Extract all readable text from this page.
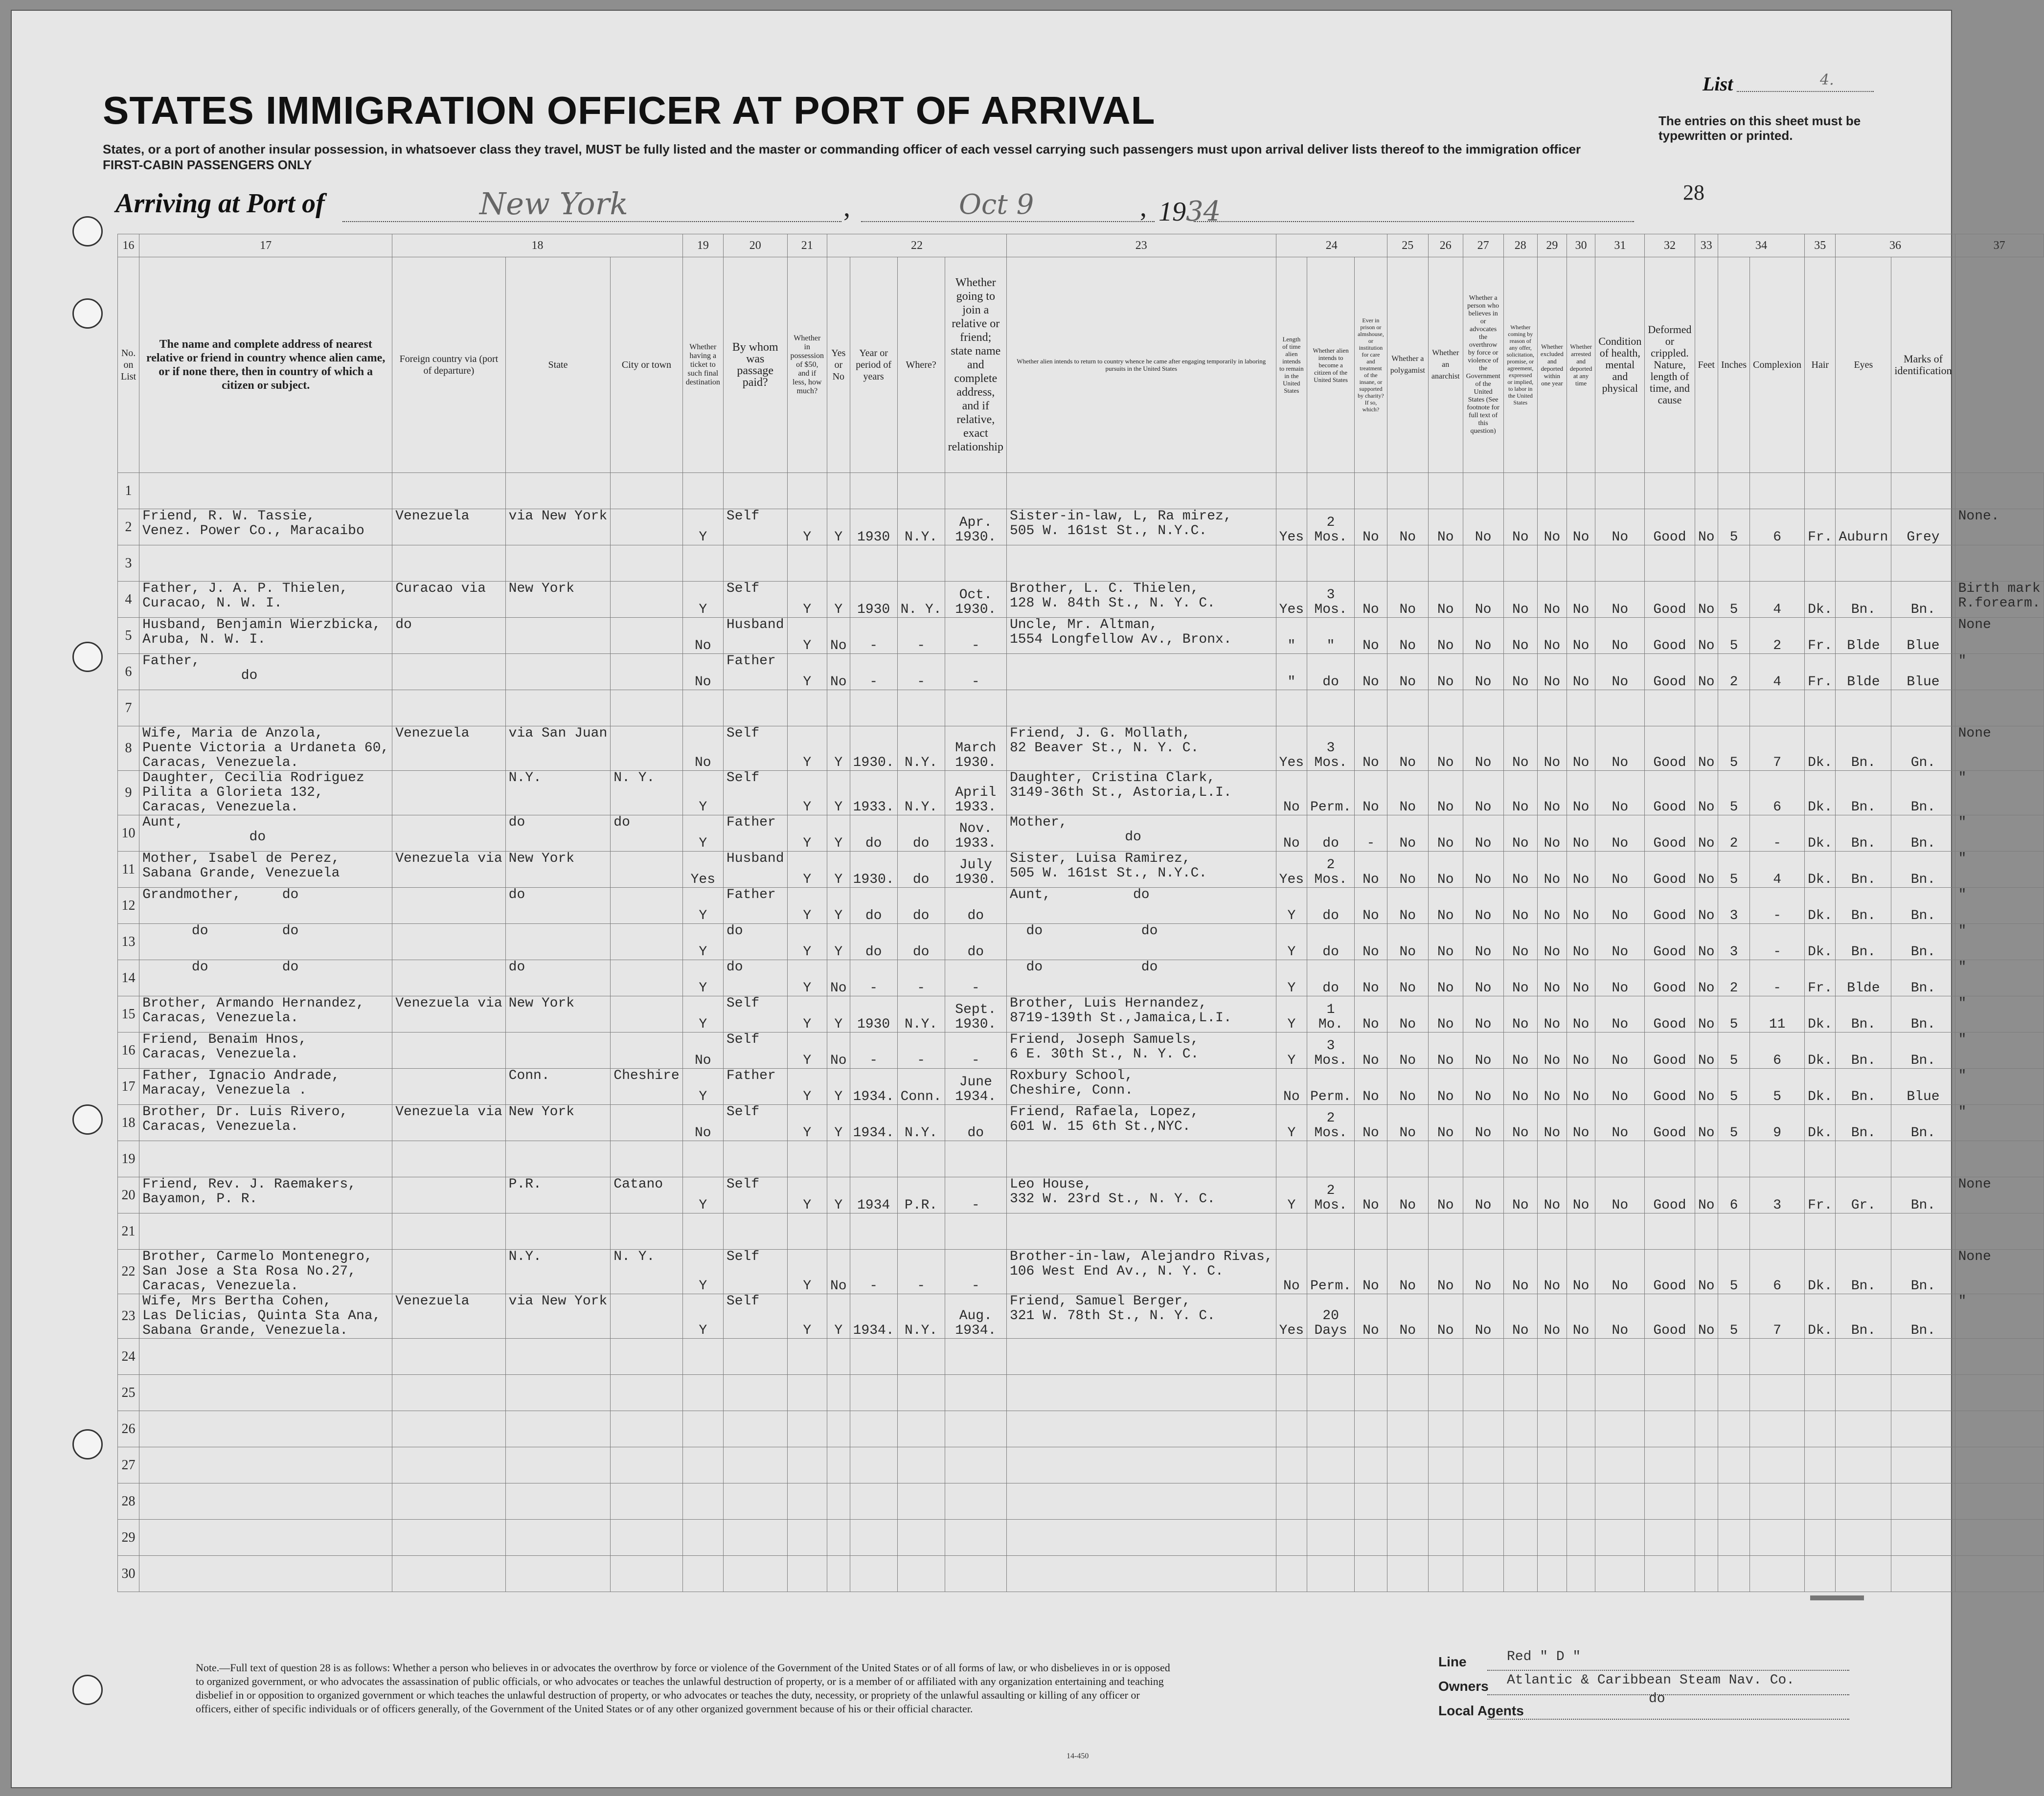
STATES IMMIGRATION OFFICER AT PORT OF ARRIVAL
States, or a port of another insular possession, in whatsoever class they travel, MUST be fully listed and the master or commanding officer of each vessel carrying such passengers must upon arrival deliver lists thereof to the immigration officer
FIRST-CABIN PASSENGERS ONLY
List	4.
The entries on this sheet must be typewritten or printed.
28
Arriving at Port of	,	,
New York	Oct 9	1934
16	17	18			19	20	21	22				23	24			25	26	27	28	29	30	31	32	33	34		35	36		37
No. on List	The name and complete address of nearest relative or friend in country whence alien came, or if none there, then in country of which a citizen or subject.	Foreign country via (port of departure)	State	City or town	Whether having a ticket to such final destination	By whom was passage paid?	Whether in possession of $50, and if less, how much?	Yes or No	Year or period of years	Where?	Whether going to join a relative or friend; state name and complete address, and if relative, exact relationship	Whether alien intends to return to country whence he came after engaging temporarily in laboring pursuits in the United States	Length of time alien intends to remain in the United States	Whether alien intends to become a citizen of the United States	Ever in prison or almshouse, or institution for care and treatment of the insane, or supported by charity? If so, which?	Whether a polygamist	Whether an anarchist	Whether a person who believes in or advocates the overthrow by force or violence of the Government of the United States (See footnote for full text of this question)	Whether coming by reason of any offer, solicitation, promise, or agreement, expressed or implied, to labor in the United States	Whether excluded and deported within one year	Whether arrested and deported at any time	Condition of health, mental and physical	Deformed or crippled. Nature, length of time, and cause	Feet	Inches	Complexion	Hair	Eyes	Marks of identification	
1																														
2	Friend, R. W. Tassie,
Venez. Power Co., Maracaibo	Venezuela	via New York		Y	Self	Y	Y	1930	N.Y.	Apr.
1930.	Sister-in-law, L, Ra mirez,
505 W. 161st St., N.Y.C.	Yes	2
Mos.	No	No	No	No	No	No	No	No	Good	No	5	6	Fr.	Auburn	Grey	None.
3																														
4	Father, J. A. P. Thielen,
Curacao, N. W. I.	Curacao via	New York		Y	Self	Y	Y	1930	N. Y.	Oct.
1930.	Brother, L. C. Thielen,
128 W. 84th St., N. Y. C.	Yes	3
Mos.	No	No	No	No	No	No	No	No	Good	No	5	4	Dk.	Bn.	Bn.	Birth mark
R.forearm.
5	Husband, Benjamin Wierzbicka,
Aruba, N. W. I.	do			No	Husband	Y	No	-	-	-	Uncle, Mr. Altman,
1554 Longfellow Av., Bronx.	"	"	No	No	No	No	No	No	No	No	Good	No	5	2	Fr.	Blde	Blue	None
6	Father,
do				No	Father	Y	No	-	-	-		"	do	No	No	No	No	No	No	No	No	Good	No	2	4	Fr.	Blde	Blue	"
7																														
8	Wife, Maria de Anzola,
Puente Victoria a Urdaneta 60,
Caracas, Venezuela.	Venezuela	via San Juan		No	Self	Y	Y	1930.	N.Y.	March
1930.	Friend, J. G. Mollath,
82 Beaver St., N. Y. C.	Yes	3
Mos.	No	No	No	No	No	No	No	No	Good	No	5	7	Dk.	Bn.	Gn.	None
9	Daughter, Cecilia Rodriguez
Pilita a Glorieta 132,
Caracas, Venezuela.		N.Y.	N. Y.	Y	Self	Y	Y	1933.	N.Y.	April
1933.	Daughter, Cristina Clark,
3149-36th St., Astoria,L.I.	No	Perm.	No	No	No	No	No	No	No	No	Good	No	5	6	Dk.	Bn.	Bn.	"
10	Aunt,
do		do	do	Y	Father	Y	Y	do	do	Nov.
1933.	Mother,
do	No	do	-	No	No	No	No	No	No	No	Good	No	2	-	Dk.	Bn.	Bn.	"
11	Mother, Isabel de Perez,
Sabana Grande, Venezuela	Venezuela via	New York		Yes	Husband	Y	Y	1930.	do	July
1930.	Sister, Luisa Ramirez,
505 W. 161st St., N.Y.C.	Yes	2
Mos.	No	No	No	No	No	No	No	No	Good	No	5	4	Dk.	Bn.	Bn.	"
12	Grandmother,     do		do		Y	Father	Y	Y	do	do	do	Aunt,          do	Y	do	No	No	No	No	No	No	No	No	Good	No	3	-	Dk.	Bn.	Bn.	"
13	do         do				Y	do	Y	Y	do	do	do	do            do	Y	do	No	No	No	No	No	No	No	No	Good	No	3	-	Dk.	Bn.	Bn.	"
14	do         do		do		Y	do	Y	No	-	-	-	do            do	Y	do	No	No	No	No	No	No	No	No	Good	No	2	-	Fr.	Blde	Bn.	"
15	Brother, Armando Hernandez,
Caracas, Venezuela.	Venezuela via	New York		Y	Self	Y	Y	1930	N.Y.	Sept.
1930.	Brother, Luis Hernandez,
8719-139th St.,Jamaica,L.I.	Y	1
Mo.	No	No	No	No	No	No	No	No	Good	No	5	11	Dk.	Bn.	Bn.	"
16	Friend, Benaim Hnos,
Caracas, Venezuela.				No	Self	Y	No	-	-	-	Friend, Joseph Samuels,
6 E. 30th St., N. Y. C.	Y	3
Mos.	No	No	No	No	No	No	No	No	Good	No	5	6	Dk.	Bn.	Bn.	"
17	Father, Ignacio Andrade,
Maracay, Venezuela .		Conn.	Cheshire	Y	Father	Y	Y	1934.	Conn.	June
1934.	Roxbury School,
Cheshire, Conn.	No	Perm.	No	No	No	No	No	No	No	No	Good	No	5	5	Dk.	Bn.	Blue	"
18	Brother, Dr. Luis Rivero,
Caracas, Venezuela.	Venezuela via	New York		No	Self	Y	Y	1934.	N.Y.	do	Friend, Rafaela, Lopez,
601 W. 15 6th St.,NYC.	Y	2
Mos.	No	No	No	No	No	No	No	No	Good	No	5	9	Dk.	Bn.	Bn.	"
19																														
20	Friend, Rev. J. Raemakers,
Bayamon, P. R.		P.R.	Catano	Y	Self	Y	Y	1934	P.R.	-	Leo House,
332 W. 23rd St., N. Y. C.	Y	2
Mos.	No	No	No	No	No	No	No	No	Good	No	6	3	Fr.	Gr.	Bn.	None
21																														
22	Brother, Carmelo Montenegro,
San Jose a Sta Rosa No.27,
Caracas, Venezuela.		N.Y.	N. Y.	Y	Self	Y	No	-	-	-	Brother-in-law, Alejandro Rivas,
106 West End Av., N. Y. C.	No	Perm.	No	No	No	No	No	No	No	No	Good	No	5	6	Dk.	Bn.	Bn.	None
23	Wife, Mrs Bertha Cohen,
Las Delicias, Quinta Sta Ana,
Sabana Grande, Venezuela.	Venezuela	via New York		Y	Self	Y	Y	1934.	N.Y.	Aug.
1934.	Friend, Samuel Berger,
321 W. 78th St., N. Y. C.	Yes	20
Days	No	No	No	No	No	No	No	No	Good	No	5	7	Dk.	Bn.	Bn.	"
24																														
25																														
26																														
27																														
28																														
29																														
30																														
Note.—Full text of question 28 is as follows: Whether a person who believes in or advocates the overthrow by force or violence of the Government of the United States or of all forms of law, or who disbelieves in or is opposed to organized government, or who advocates the assassination of public officials, or who advocates or teaches the unlawful destruction of property, or is a member of or affiliated with any organization entertaining and teaching disbelief in or opposition to organized government or which teaches the unlawful destruction of property, or who advocates or teaches the duty, necessity, or propriety of the unlawful assaulting or killing of any officer or officers, either of specific individuals or of officers generally, of the Government of the United States or of any other organized government because of his or their official character.
14-450
Line	Red " D "
Owners Atlantic & Caribbean Steam Nav. Co.
Local Agents
do
